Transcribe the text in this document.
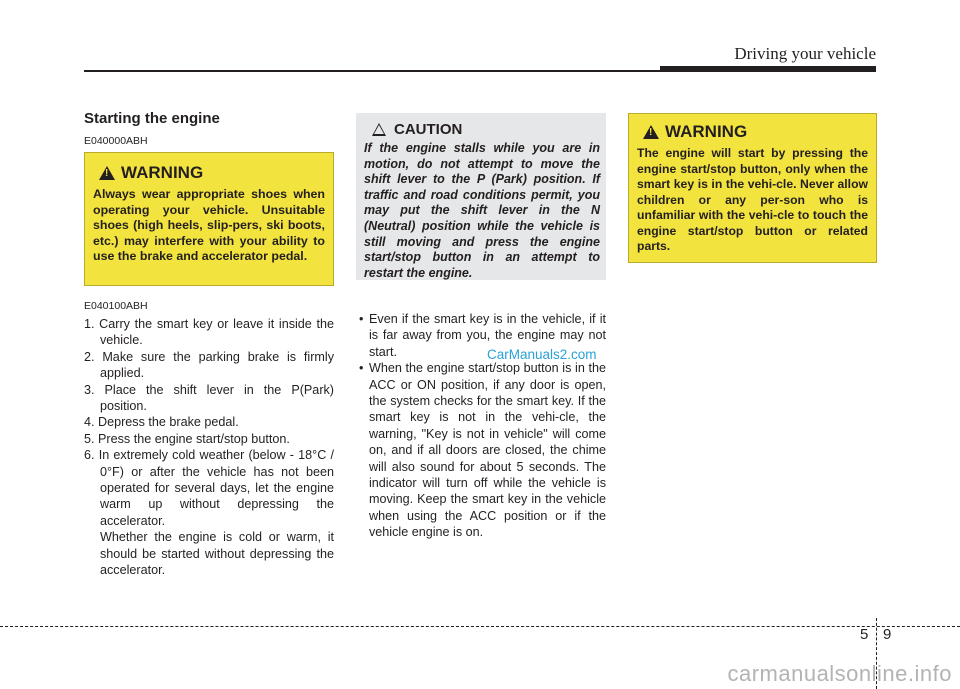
Driving your vehicle
Starting the engine
E040000ABH
!
WARNING
Always wear appropriate shoes when operating your vehicle. Unsuitable shoes (high heels, slip-pers, ski boots, etc.) may interfere with your ability to use the brake and accelerator pedal.
E040100ABH
1. Carry the smart key or leave it inside the vehicle.
2. Make sure the parking brake is firmly applied.
3. Place the shift lever in the P(Park) position.
4. Depress the brake pedal.
5. Press the engine start/stop button.
6. In extremely cold weather (below - 18°C / 0°F) or after the vehicle has not been operated for several days, let the engine warm up without depressing the accelerator.
Whether the engine is cold or warm, it should be started without depressing the accelerator.
CAUTION
If the engine stalls while you are in motion, do not attempt to move the shift lever to the P (Park) position. If traffic and road conditions permit, you may put the shift lever in the N (Neutral) position while the vehicle is still moving and press the engine start/stop button in an attempt to restart the engine.
• Even if the smart key is in the vehicle, if it is far away from you, the engine may not start.
• When the engine start/stop button is in the ACC or ON position, if any door is open, the system checks for the smart key. If the smart key is not in the vehi-cle, the warning, "Key is not in vehicle" will come on, and if all doors are closed, the chime will also sound for about 5 seconds. The indicator will turn off while the vehicle is moving. Keep the smart key in the vehicle when using the ACC position or if the vehicle engine is on.
CarManuals2.com
!
WARNING
The engine will start by pressing the engine start/stop button, only when the smart key is in the vehi-cle. Never allow children or any per-son who is unfamiliar with the vehi-cle to touch the engine start/stop button or related parts.
5 9
carmanualsonline.info
